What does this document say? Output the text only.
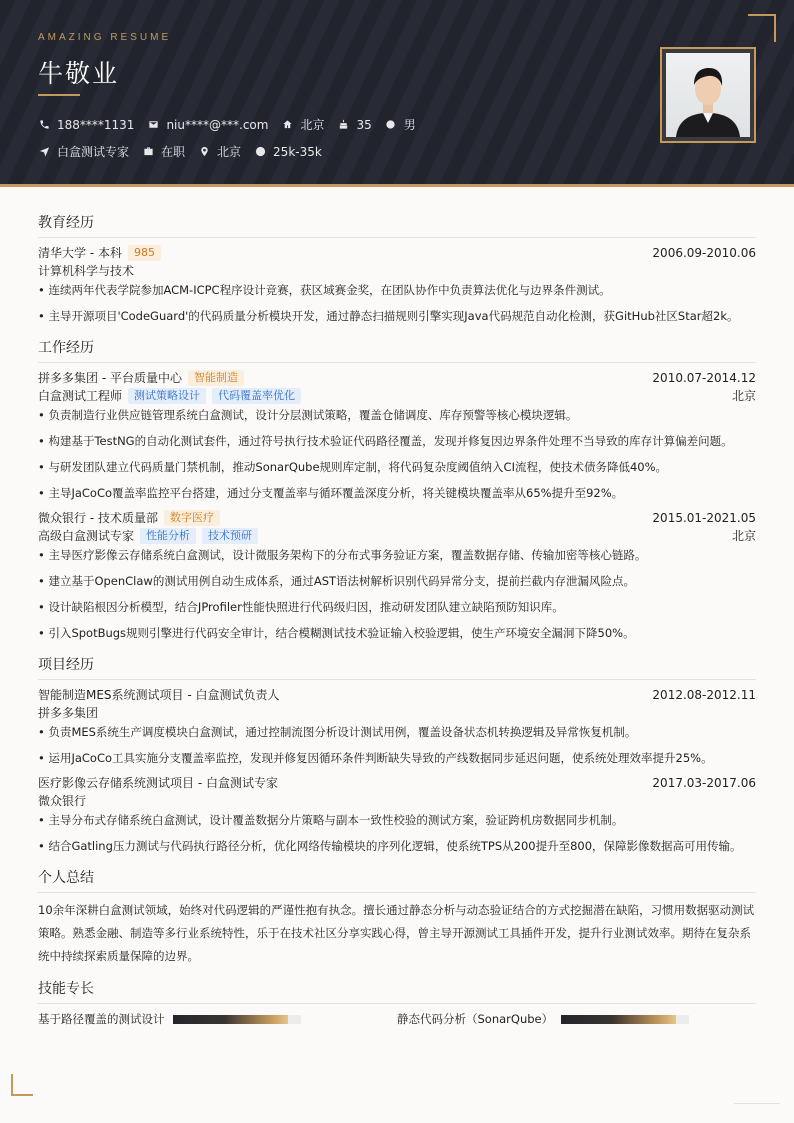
AMAZING RESUME
牛敬业
188****1131	niu****@***.com	北京	35	男
白盒测试专家	在职	北京	25k-35k
教育经历
清华大学 - 本科	985	2006.09-2010.06
计算机科学与技术
• 连续两年代表学院参加ACM-ICPC程序设计竞赛，获区域赛金奖，在团队协作中负责算法优化与边界条件测试。
• 主导开源项目'CodeGuard'的代码质量分析模块开发，通过静态扫描规则引擎实现Java代码规范自动化检测，获GitHub社区Star超2k。
工作经历
拼多多集团 - 平台质量中心	智能制造	2010.07-2014.12
白盒测试工程师	测试策略设计	代码覆盖率优化	北京
• 负责制造行业供应链管理系统白盒测试，设计分层测试策略，覆盖仓储调度、库存预警等核心模块逻辑。
• 构建基于TestNG的自动化测试套件，通过符号执行技术验证代码路径覆盖，发现并修复因边界条件处理不当导致的库存计算偏差问题。
• 与研发团队建立代码质量门禁机制，推动SonarQube规则库定制，将代码复杂度阈值纳入CI流程，使技术债务降低40%。
• 主导JaCoCo覆盖率监控平台搭建，通过分支覆盖率与循环覆盖深度分析，将关键模块覆盖率从65%提升至92%。
微众银行 - 技术质量部	数字医疗	2015.01-2021.05
高级白盒测试专家	性能分析	技术预研	北京
• 主导医疗影像云存储系统白盒测试，设计微服务架构下的分布式事务验证方案，覆盖数据存储、传输加密等核心链路。
• 建立基于OpenClaw的测试用例自动生成体系，通过AST语法树解析识别代码异常分支，提前拦截内存泄漏风险点。
• 设计缺陷根因分析模型，结合JProfiler性能快照进行代码级归因，推动研发团队建立缺陷预防知识库。
• 引入SpotBugs规则引擎进行代码安全审计，结合模糊测试技术验证输入校验逻辑，使生产环境安全漏洞下降50%。
项目经历
智能制造MES系统测试项目 - 白盒测试负责人	2012.08-2012.11
拼多多集团
• 负责MES系统生产调度模块白盒测试，通过控制流图分析设计测试用例，覆盖设备状态机转换逻辑及异常恢复机制。
• 运用JaCoCo工具实施分支覆盖率监控，发现并修复因循环条件判断缺失导致的产线数据同步延迟问题，使系统处理效率提升25%。
医疗影像云存储系统测试项目 - 白盒测试专家	2017.03-2017.06
微众银行
• 主导分布式存储系统白盒测试，设计覆盖数据分片策略与副本一致性校验的测试方案，验证跨机房数据同步机制。
• 结合Gatling压力测试与代码执行路径分析，优化网络传输模块的序列化逻辑，使系统TPS从200提升至800，保障影像数据高可用传输。
个人总结
10余年深耕白盒测试领域，始终对代码逻辑的严谨性抱有执念。擅长通过静态分析与动态验证结合的方式挖掘潜在缺陷，习惯用数据驱动测试策略。熟悉金融、制造等多行业系统特性，乐于在技术社区分享实践心得，曾主导开源测试工具插件开发，提升行业测试效率。期待在复杂系统中持续探索质量保障的边界。
技能专长
基于路径覆盖的测试设计	静态代码分析（SonarQube）
